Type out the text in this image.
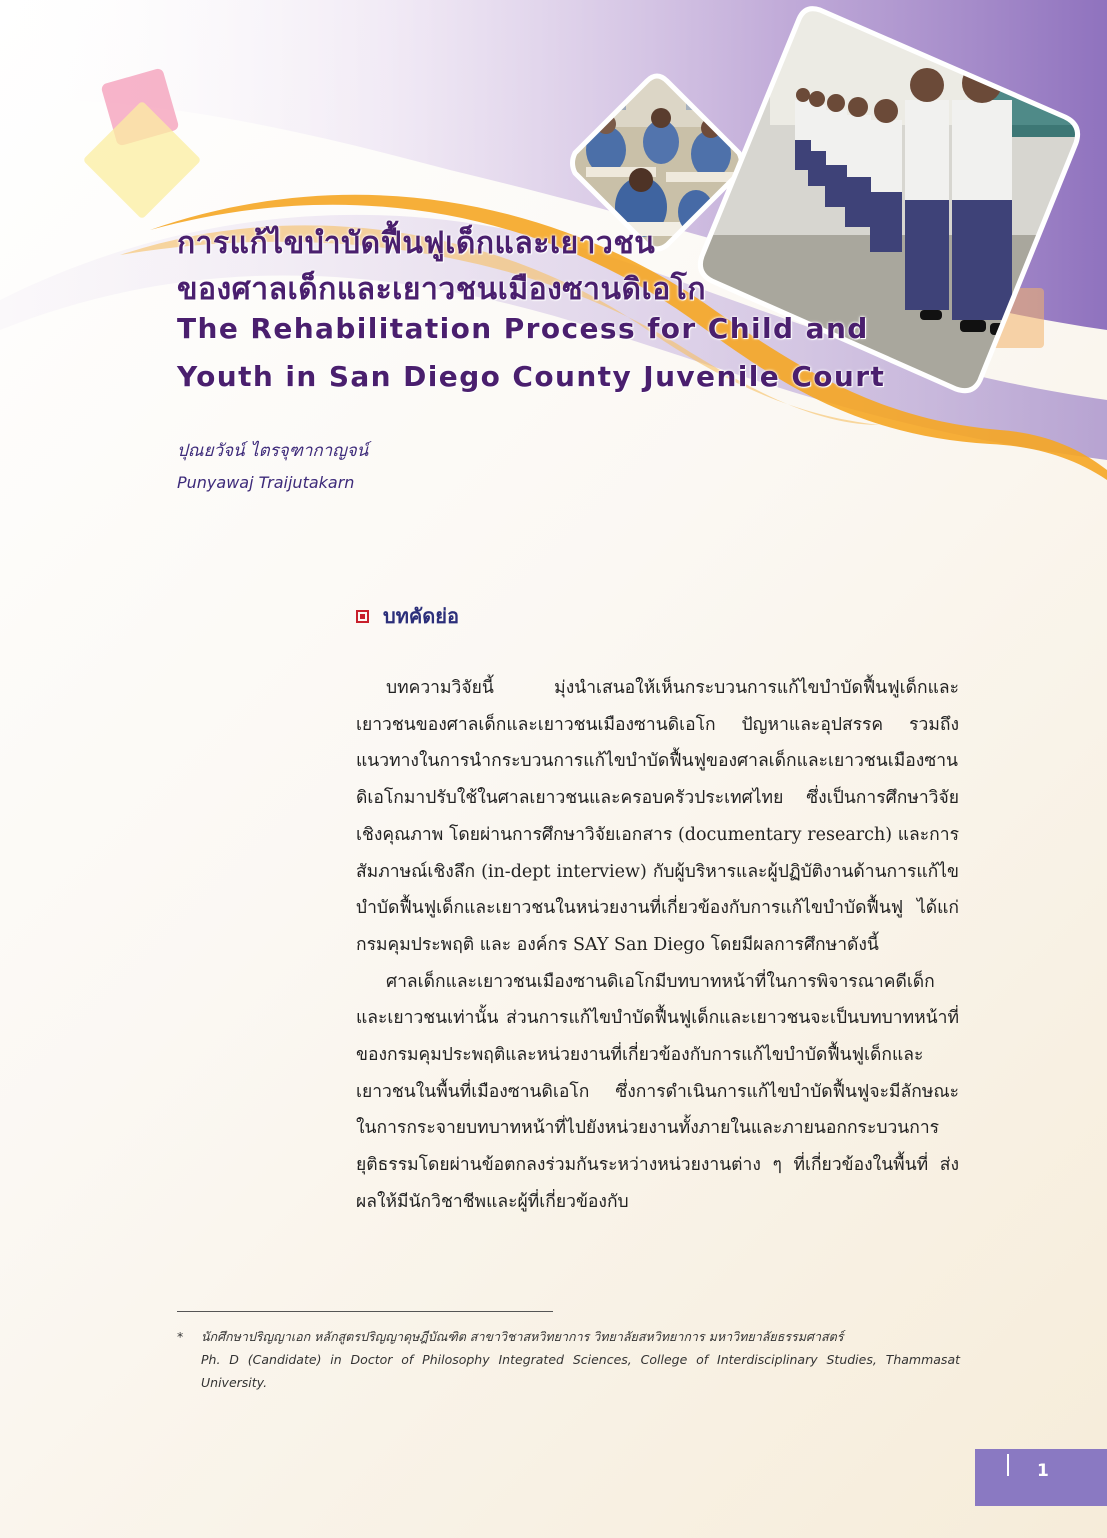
การแก้ไขบำบัดฟื้นฟูเด็กและเยาวชน
ของศาลเด็กและเยาวชนเมืองซานดิเอโก
The Rehabilitation Process for Child and
Youth in San Diego County Juvenile Court
ปุณยวัจน์ ไตรจุฑากาญจน์
Punyawaj Traijutakarn
บทคัดย่อ

บทความวิจัยนี้ มุ่งนำเสนอให้เห็นกระบวนการแก้ไขบำบัดฟื้นฟูเด็กและเยาวชนของศาลเด็กและเยาวชนเมืองซานดิเอโก ปัญหาและอุปสรรค รวมถึงแนวทางในการนำกระบวนการแก้ไขบำบัดฟื้นฟูของศาลเด็กและเยาวชนเมืองซานดิเอโกมาปรับใช้ในศาลเยาวชนและครอบครัวประเทศไทย ซึ่งเป็นการศึกษาวิจัยเชิงคุณภาพ โดยผ่านการศึกษาวิจัยเอกสาร (documentary research) และการสัมภาษณ์เชิงลึก (in-dept interview) กับผู้บริหารและผู้ปฏิบัติงานด้านการแก้ไขบำบัดฟื้นฟูเด็กและเยาวชนในหน่วยงานที่เกี่ยวข้องกับการแก้ไขบำบัดฟื้นฟู ได้แก่ กรมคุมประพฤติ และ องค์กร SAY San Diego โดยมีผลการศึกษาดังนี้

ศาลเด็กและเยาวชนเมืองซานดิเอโกมีบทบาทหน้าที่ในการพิจารณาคดีเด็กและเยาวชนเท่านั้น ส่วนการแก้ไขบำบัดฟื้นฟูเด็กและเยาวชนจะเป็นบทบาทหน้าที่ของกรมคุมประพฤติและหน่วยงานที่เกี่ยวข้องกับการแก้ไขบำบัดฟื้นฟูเด็กและเยาวชนในพื้นที่เมืองซานดิเอโก ซึ่งการดำเนินการแก้ไขบำบัดฟื้นฟูจะมีลักษณะในการกระจายบทบาทหน้าที่ไปยังหน่วยงานทั้งภายในและภายนอกกระบวนการยุติธรรมโดยผ่านข้อตกลงร่วมกันระหว่างหน่วยงานต่าง ๆ ที่เกี่ยวข้องในพื้นที่ ส่งผลให้มีนักวิชาชีพและผู้ที่เกี่ยวข้องกับ

* นักศึกษาปริญญาเอก หลักสูตรปริญญาดุษฎีบัณฑิต สาขาวิชาสหวิทยาการ วิทยาลัยสหวิทยาการ มหาวิทยาลัยธรรมศาสตร์
Ph. D (Candidate) in Doctor of Philosophy Integrated Sciences, College of Interdisciplinary Studies, Thammasat University.
1
